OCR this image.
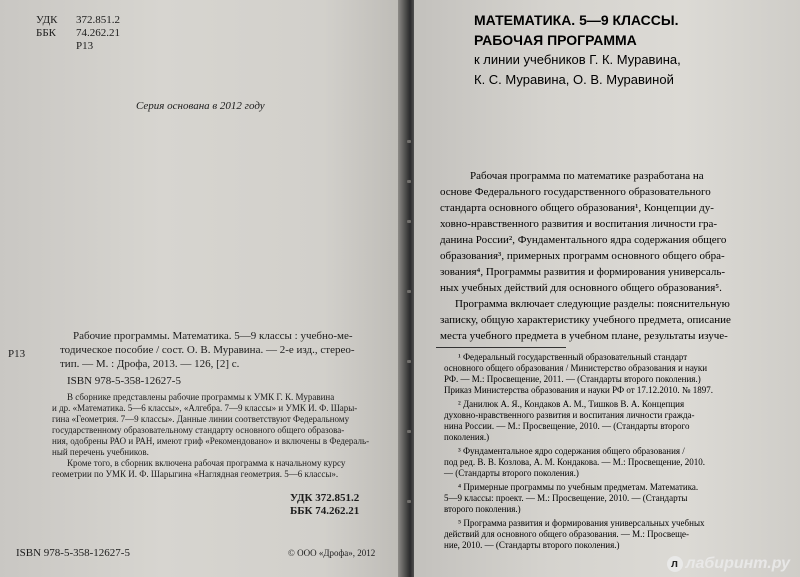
УДК 372.851.2
ББК 74.262.21
Р13
Серия основана в 2012 году
Р13
Рабочие программы. Математика. 5—9 классы : учебно-ме-
тодическое пособие / сост. О. В. Муравина. — 2-е изд., стерео-
тип. — М. : Дрофа, 2013. — 126, [2] с.
ISBN 978-5-358-12627-5
В сборнике представлены рабочие программы к УМК Г. К. Муравина
и др. «Математика. 5—6 классы», «Алгебра. 7—9 классы» и УМК И. Ф. Шары-
гина «Геометрия. 7—9 классы». Данные линии соответствуют Федеральному
государственному образовательному стандарту основного общего образова-
ния, одобрены РАО и РАН, имеют гриф «Рекомендовано» и включены в Федераль-
ный перечень учебников.
Кроме того, в сборник включена рабочая программа к начальному курсу
геометрии по УМК И. Ф. Шарыгина «Наглядная геометрия. 5—6 классы».
УДК 372.851.2
ББК 74.262.21
ISBN 978-5-358-12627-5	© ООО «Дрофа», 2012
МАТЕМАТИКА. 5—9 КЛАССЫ.
РАБОЧАЯ ПРОГРАММА
к линии учебников Г. К. Муравина,
К. С. Муравина, О. В. Муравиной
Рабочая программа по математике разработана на
основе Федерального государственного образовательного
стандарта основного общего образования¹, Концепции ду-
ховно-нравственного развития и воспитания личности гра-
данина России², Фундаментального ядра содержания общего
образования³, примерных программ основного общего обра-
зования⁴, Программы развития и формирования универсаль-
ных учебных действий для основного общего образования⁵.
Программа включает следующие разделы: пояснительную
записку, общую характеристику учебного предмета, описание
места учебного предмета в учебном плане, результаты изуче-
¹ Федеральный государственный образовательный стандарт
основного общего образования / Министерство образования и науки
РФ. — М.: Просвещение, 2011. — (Стандарты второго поколения.)
Приказ Министерства образования и науки РФ от 17.12.2010. № 1897.
² Данилюк А. Я., Кондаков А. М., Тишков В. А. Концепция
духовно-нравственного развития и воспитания личности гражда-
нина России. — М.: Просвещение, 2010. — (Стандарты второго
поколения.)
³ Фундаментальное ядро содержания общего образования /
под ред. В. В. Козлова, А. М. Кондакова. — М.: Просвещение, 2010.
— (Стандарты второго поколения.)
⁴ Примерные программы по учебным предметам. Математика.
5—9 классы: проект. — М.: Просвещение, 2010. — (Стандарты
второго поколения.)
⁵ Программа развития и формирования универсальных учебных
действий для основного общего образования. — М.: Просвеще-
ние, 2010. — (Стандарты второго поколения.)
л лабиринт.ру
